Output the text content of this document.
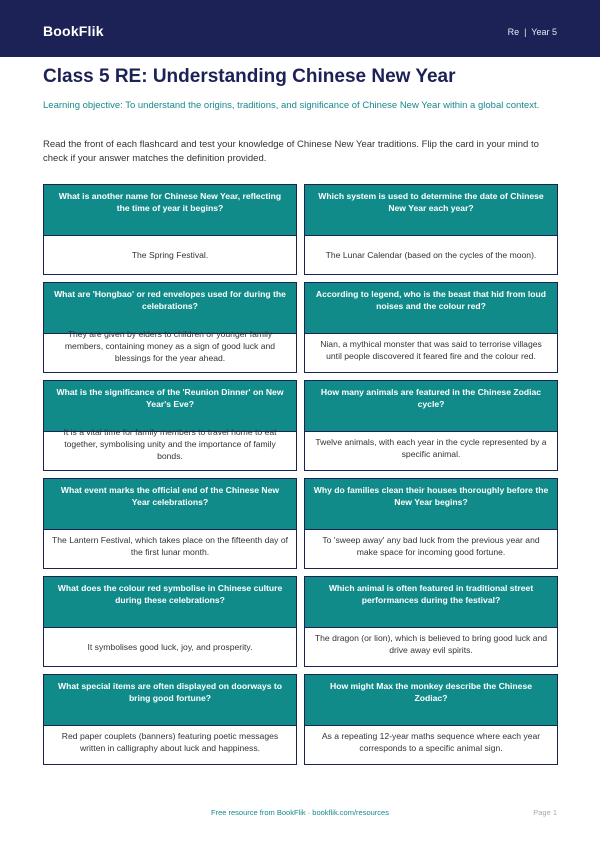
BookFlik	Re  |  Year 5
Class 5 RE: Understanding Chinese New Year

Learning objective: To understand the origins, traditions, and significance of Chinese New Year within a global context.

Read the front of each flashcard and test your knowledge of Chinese New Year traditions. Flip the card in your mind to check if your answer matches the definition provided.

What is another name for Chinese New Year, reflecting the time of year it begins?
The Spring Festival.
Which system is used to determine the date of Chinese New Year each year?
The Lunar Calendar (based on the cycles of the moon).
What are 'Hongbao' or red envelopes used for during the celebrations?
They are given by elders to children or younger family members, containing money as a sign of good luck and blessings for the year ahead.
According to legend, who is the beast that hid from loud noises and the colour red?
Nian, a mythical monster that was said to terrorise villages until people discovered it feared fire and the colour red.
What is the significance of the 'Reunion Dinner' on New Year's Eve?
It is a vital time for family members to travel home to eat together, symbolising unity and the importance of family bonds.
How many animals are featured in the Chinese Zodiac cycle?
Twelve animals, with each year in the cycle represented by a specific animal.
What event marks the official end of the Chinese New Year celebrations?
The Lantern Festival, which takes place on the fifteenth day of the first lunar month.
Why do families clean their houses thoroughly before the New Year begins?
To 'sweep away' any bad luck from the previous year and make space for incoming good fortune.
What does the colour red symbolise in Chinese culture during these celebrations?
It symbolises good luck, joy, and prosperity.
Which animal is often featured in traditional street performances during the festival?
The dragon (or lion), which is believed to bring good luck and drive away evil spirits.
What special items are often displayed on doorways to bring good fortune?
Red paper couplets (banners) featuring poetic messages written in calligraphy about luck and happiness.
How might Max the monkey describe the Chinese Zodiac?
As a repeating 12-year maths sequence where each year corresponds to a specific animal sign.
Free resource from BookFlik · bookflik.com/resources	Page 1
